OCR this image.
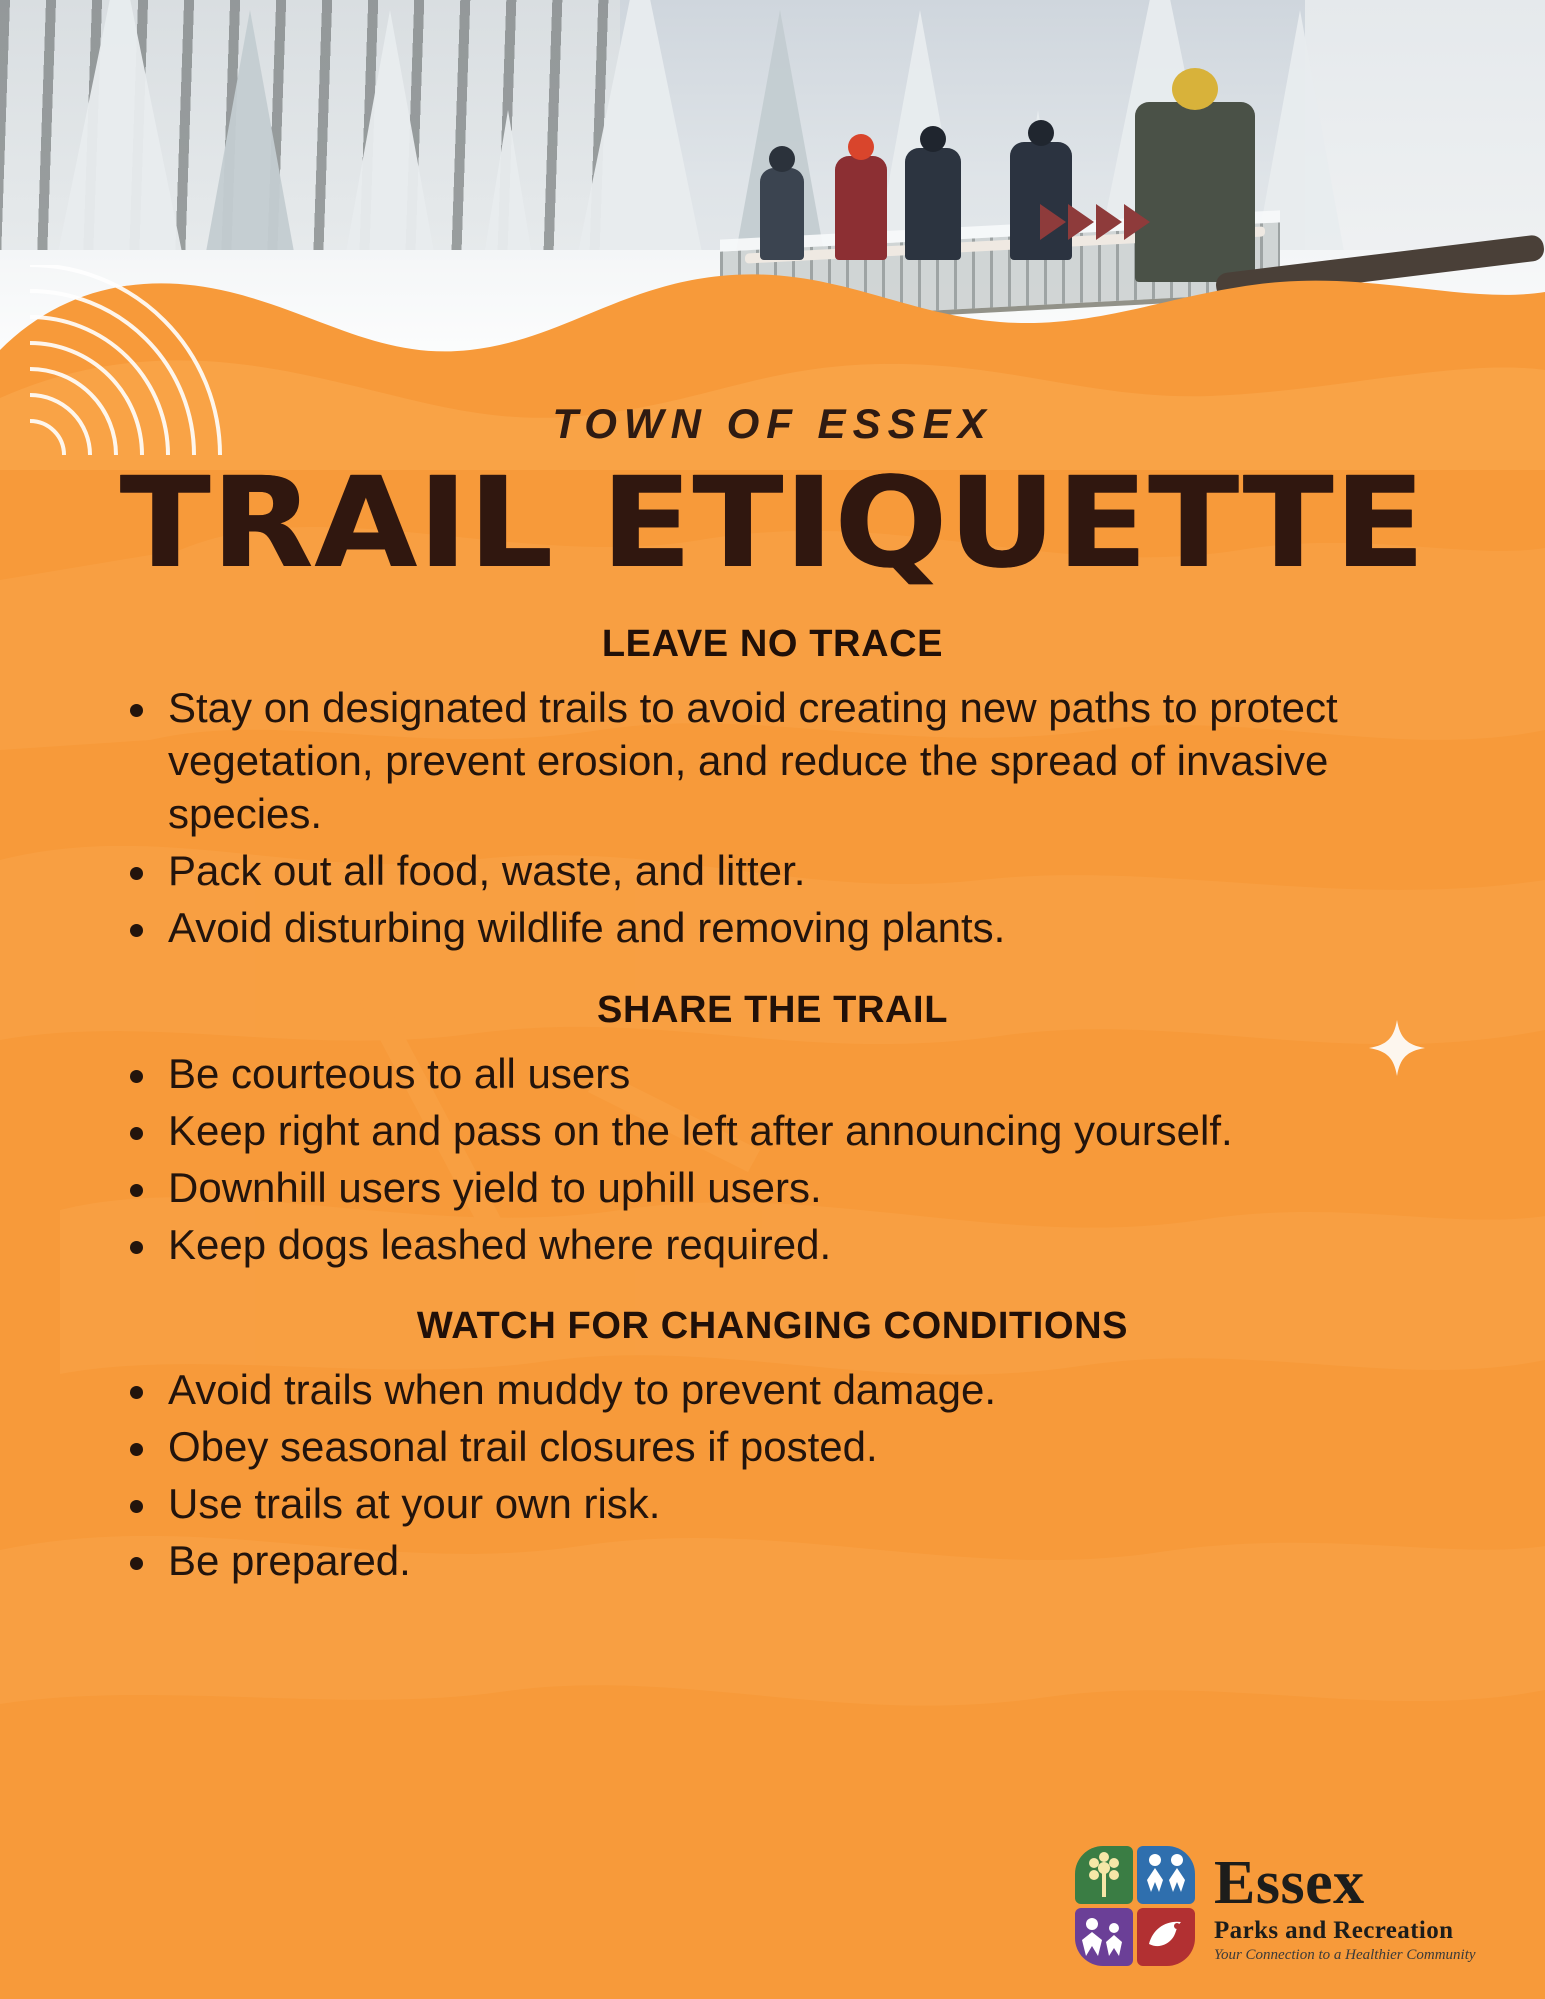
TOWN OF ESSEX
TRAIL ETIQUETTE
LEAVE NO TRACE
Stay on designated trails to avoid creating new paths to protect vegetation, prevent erosion, and reduce the spread of invasive species.
Pack out all food, waste, and litter.
Avoid disturbing wildlife and removing plants.
SHARE THE TRAIL
Be courteous to all users
Keep right and pass on the left after announcing yourself.
Downhill users yield to uphill users.
Keep dogs leashed where required.
WATCH FOR CHANGING CONDITIONS
Avoid trails when muddy to prevent damage.
Obey seasonal trail closures if posted.
Use trails at your own risk.
Be prepared.
Essex
Parks and Recreation
Your Connection to a Healthier Community
